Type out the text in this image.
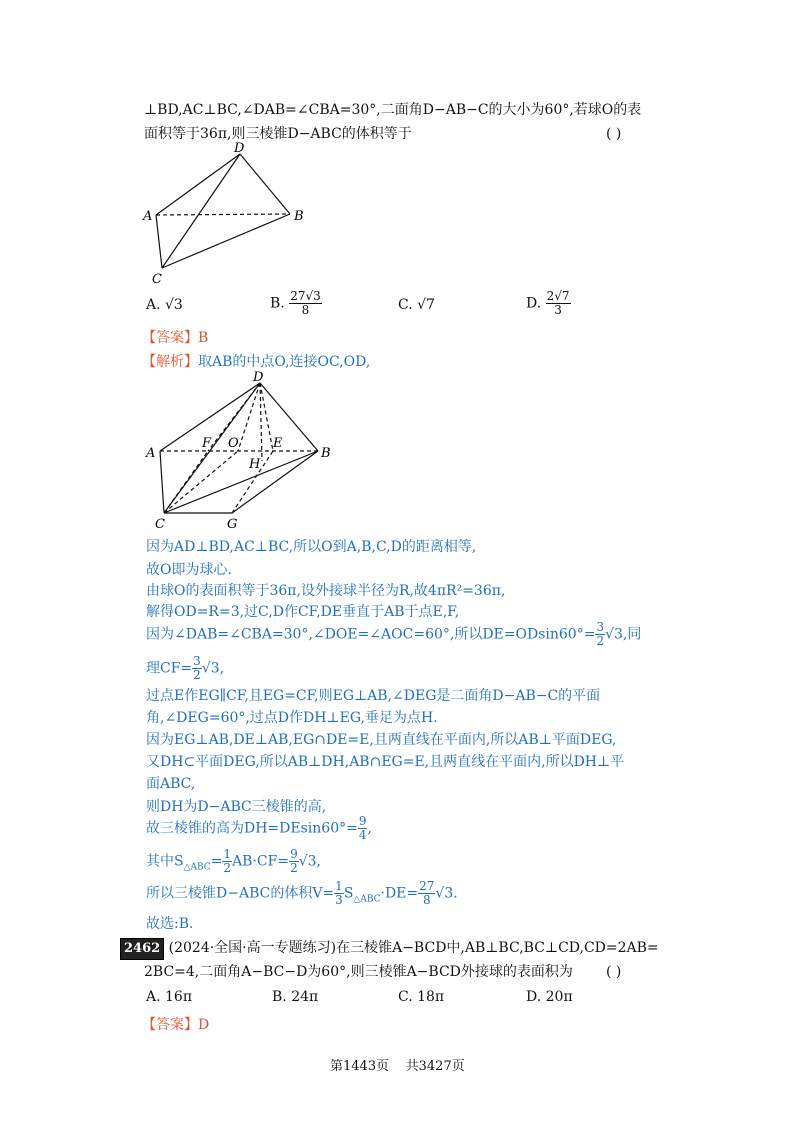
⊥BD,AC⊥BC,∠DAB=∠CBA=30°,二面角D−AB−C的大小为60°,若球O的表
面积等于36π,则三棱锥D−ABC的体积等于	( )
D
A	B
C
A. √3	B. $\frac{27√3}{8}$	C. √7	D. $\frac{2√7}{3}$
【答案】B
【解析】取AB的中点O,连接OC,OD,
D
A
F O	E
H
B
C	G
因为AD⊥BD,AC⊥BC,所以O到A,B,C,D的距离相等,
故O即为球心.
由球O的表面积等于36π,设外接球半径为R,故4πR²=36π,
解得OD=R=3,过C,D作CF,DE垂直于AB于点E,F,
因为∠DAB=∠CBA=30°,∠DOE=∠AOC=60°,所以$DE=ODsin60^\circ= \frac{3}{2} √3$,同
理$CF= \frac{3}{2} √3$,
过点E作EG∥CF,且EG=CF,则EG⊥AB,∠DEG是二面角D−AB−C的平面
角,∠DEG=60°,过点D作DH⊥EG,垂足为点H.
因为EG⊥AB,DE⊥AB,EG∩DE=E,且两直线在平面内,所以AB⊥平面DEG,
又DH⊂平面DEG,所以AB⊥DH,AB∩EG=E,且两直线在平面内,所以DH⊥平
面ABC,
则DH为D−ABC三棱锥的高,
故三棱锥的高为$DH=DEsin60^\circ= \frac{9}{4}$ ,
其中$S_{\triangle ABC}= \frac{1}{2} AB\cdot CF= \frac{9}{2} √3$,
所以三棱锥D−ABC的体积$V= \frac{1}{3} S_{\triangle ABC}\cdot DE= \frac{27}{8} √3$.
故选:B.
2462 (2024·全国·高一专题练习)在三棱锥A−BCD中,AB⊥BC,BC⊥CD,CD=2AB=
2BC=4,二面角A−BC−D为60°,则三棱锥A−BCD外接球的表面积为 ( )
A. 16π	B. 24π	C. 18π	D. 20π
【答案】D
第1443页 共3427页
